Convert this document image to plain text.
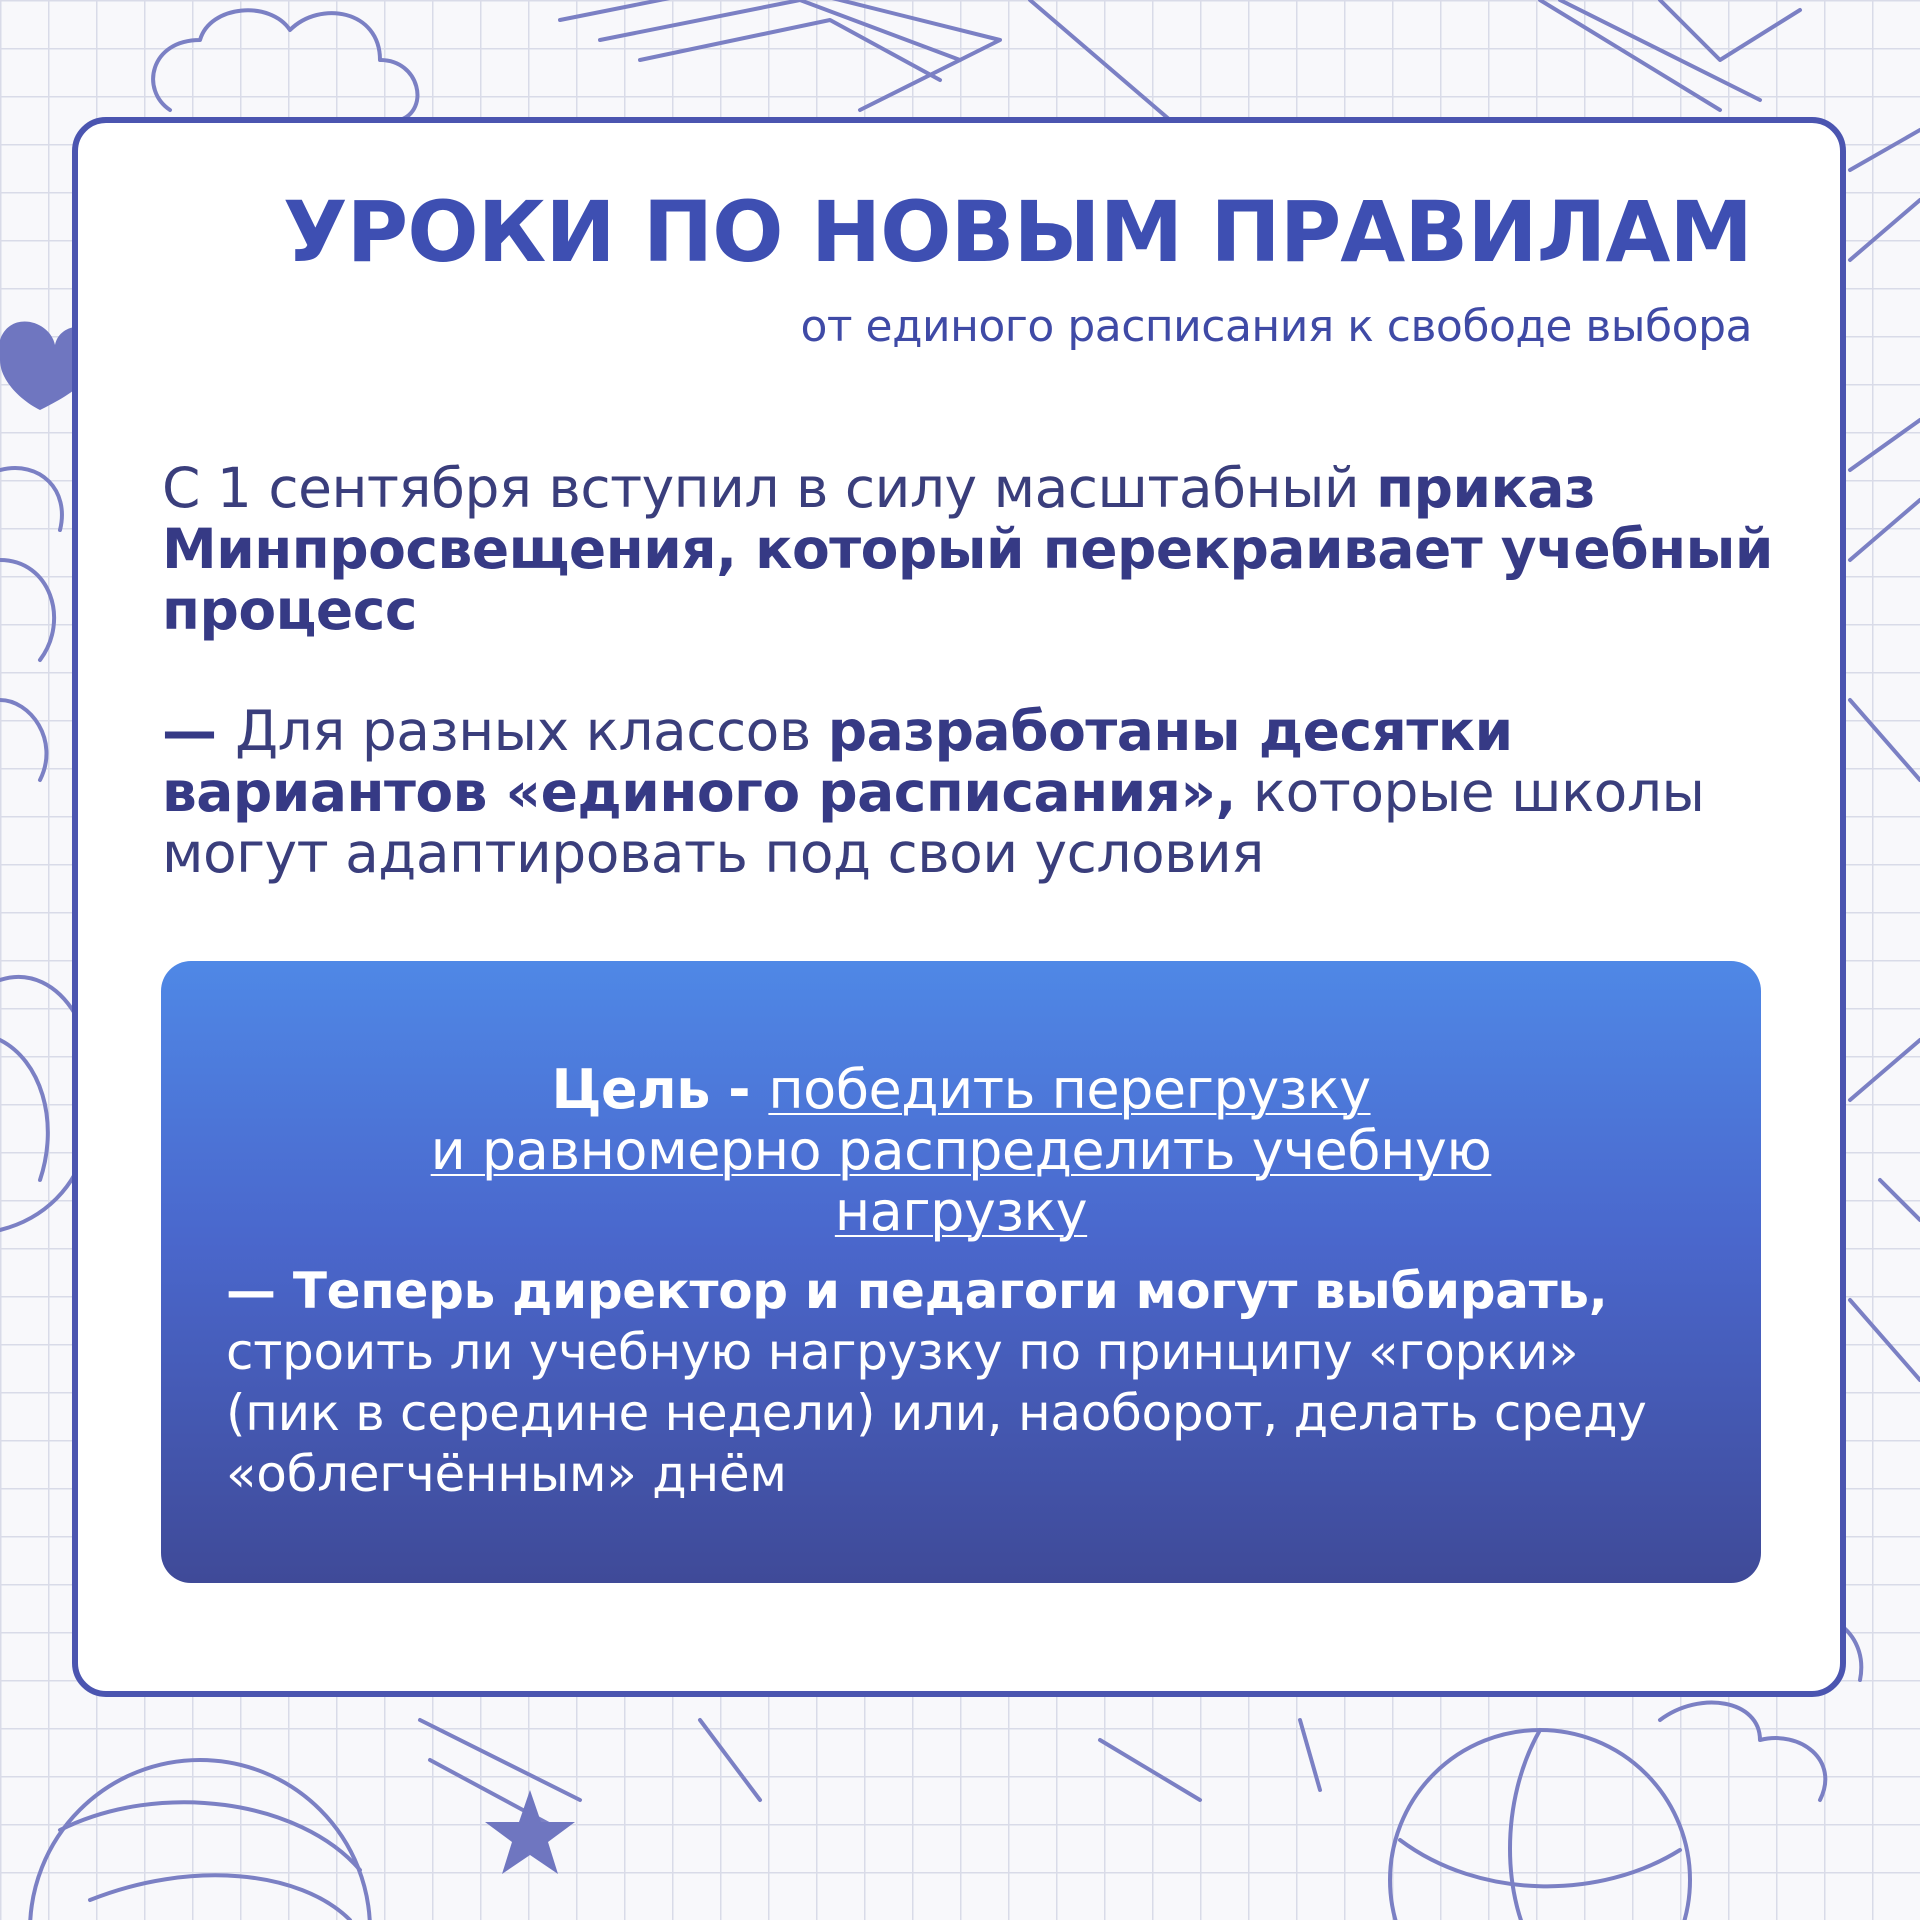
УРОКИ ПО НОВЫМ ПРАВИЛАМ
от единого расписания к свободе выбора
С 1 сентября вступил в силу масштабный приказ Минпросвещения, который перекраивает учебный процесс
— Для разных классов разработаны десятки вариантов «единого расписания», которые школы могут адаптировать под свои условия
Цель - победить перегрузку
и равномерно распределить учебную
нагрузку
— Теперь директор и педагоги могут выбирать, строить ли учебную нагрузку по принципу «горки» (пик в середине недели) или, наоборот, делать среду «облегчённым» днём
